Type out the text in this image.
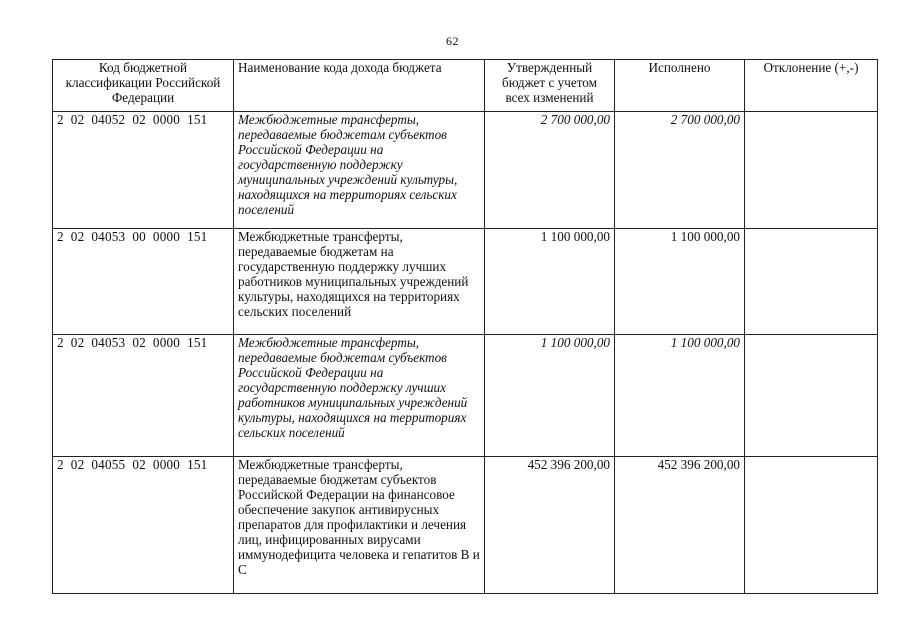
62
Код бюджетной классификации Российской Федерации	Наименование кода дохода бюджета	Утвержденный бюджет с учетом всех изменений	Исполнено	Отклонение (+,-)
2  02  04052  02  0000  151	Межбюджетные трансферты, передаваемые бюджетам субъектов Российской Федерации на государственную поддержку муниципальных учреждений культуры, находящихся на территориях сельских поселений	2 700 000,00	2 700 000,00	
2  02  04053  00  0000  151	Межбюджетные трансферты, передаваемые бюджетам на государственную поддержку лучших работников муниципальных учреждений культуры, находящихся на территориях сельских поселений	1 100 000,00	1 100 000,00	
2  02  04053  02  0000  151	Межбюджетные трансферты, передаваемые бюджетам субъектов Российской Федерации на государственную поддержку лучших работников муниципальных учреждений культуры, находящихся на территориях сельских поселений	1 100 000,00	1 100 000,00	
2  02  04055  02  0000  151	Межбюджетные трансферты, передаваемые бюджетам субъектов Российской Федерации на финансовое обеспечение закупок антивирусных препаратов для профилактики и лечения лиц, инфицированных вирусами иммунодефицита человека и гепатитов В и С	452 396 200,00	452 396 200,00	
